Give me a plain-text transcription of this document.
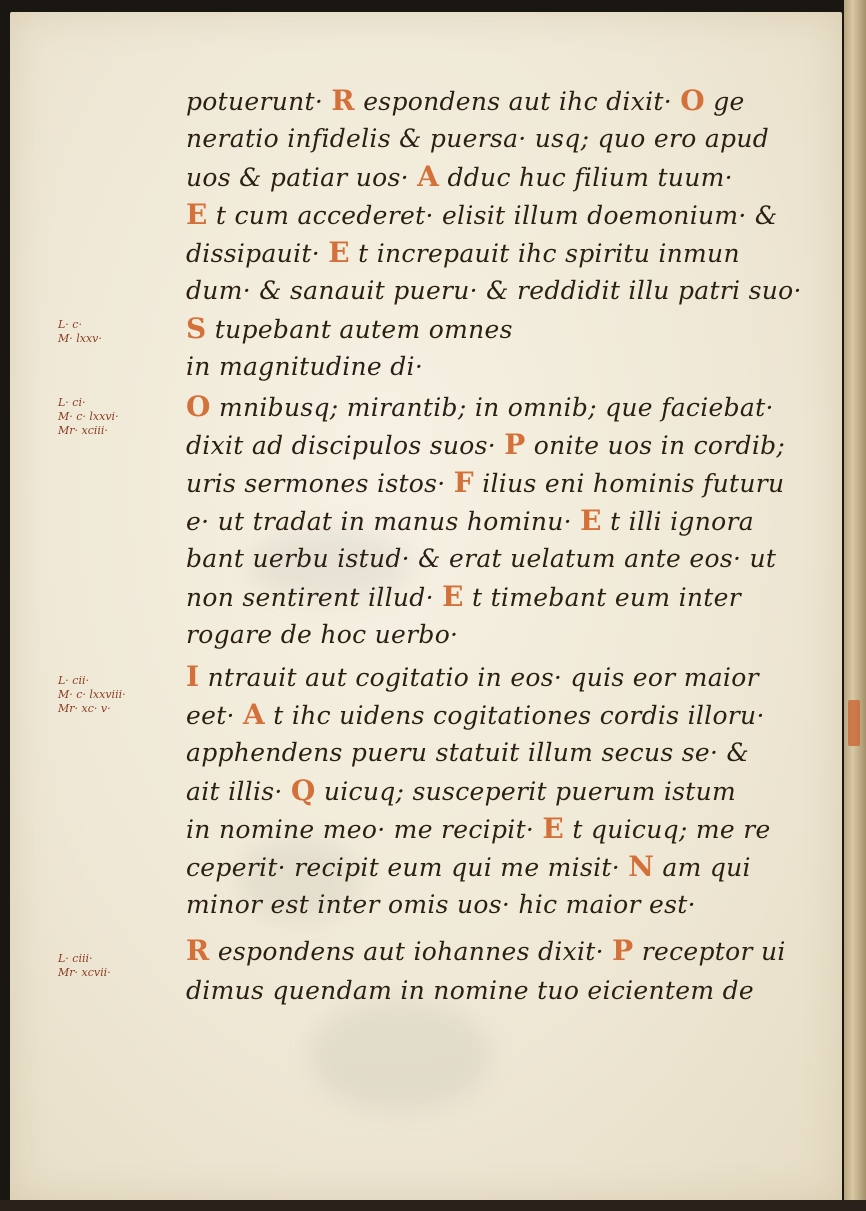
potuerunt· R espondens aut ihc dixit· O ge
neratio infidelis & puersa· usq; quo ero apud
uos & patiar uos· A dduc huc filium tuum·
E t cum accederet· elisit illum doemonium· &
dissipauit· E t increpauit ihc spiritu inmun
dum· & sanauit pueru· & reddidit illu patri suo·
S tupebant autem omnes
in magnitudine di·
O mnibusq; mirantib; in omnib; que faciebat·
dixit ad discipulos suos· P onite uos in cordib;
uris sermones istos· F ilius eni hominis futuru
e· ut tradat in manus hominu· E t illi ignora
bant uerbu istud· & erat uelatum ante eos· ut
non sentirent illud· E t timebant eum inter
rogare de hoc uerbo·
I ntrauit aut cogitatio in eos· quis eor maior
eet· A t ihc uidens cogitationes cordis illoru·
apphendens pueru statuit illum secus se· &
ait illis· Q uicuq; susceperit puerum istum
in nomine meo· me recipit· E t quicuq; me re
ceperit· recipit eum qui me misit· N am qui
minor est inter omis uos· hic maior est·
R espondens aut iohannes dixit· P receptor ui
dimus quendam in nomine tuo eicientem de

L· c·
M· lxxv·
L· ci·
M· c· lxxvi·
Mr· xciii·
L· cii·
M· c· lxxviii·
Mr· xc· v·
L· ciii·
Mr· xcvii·
